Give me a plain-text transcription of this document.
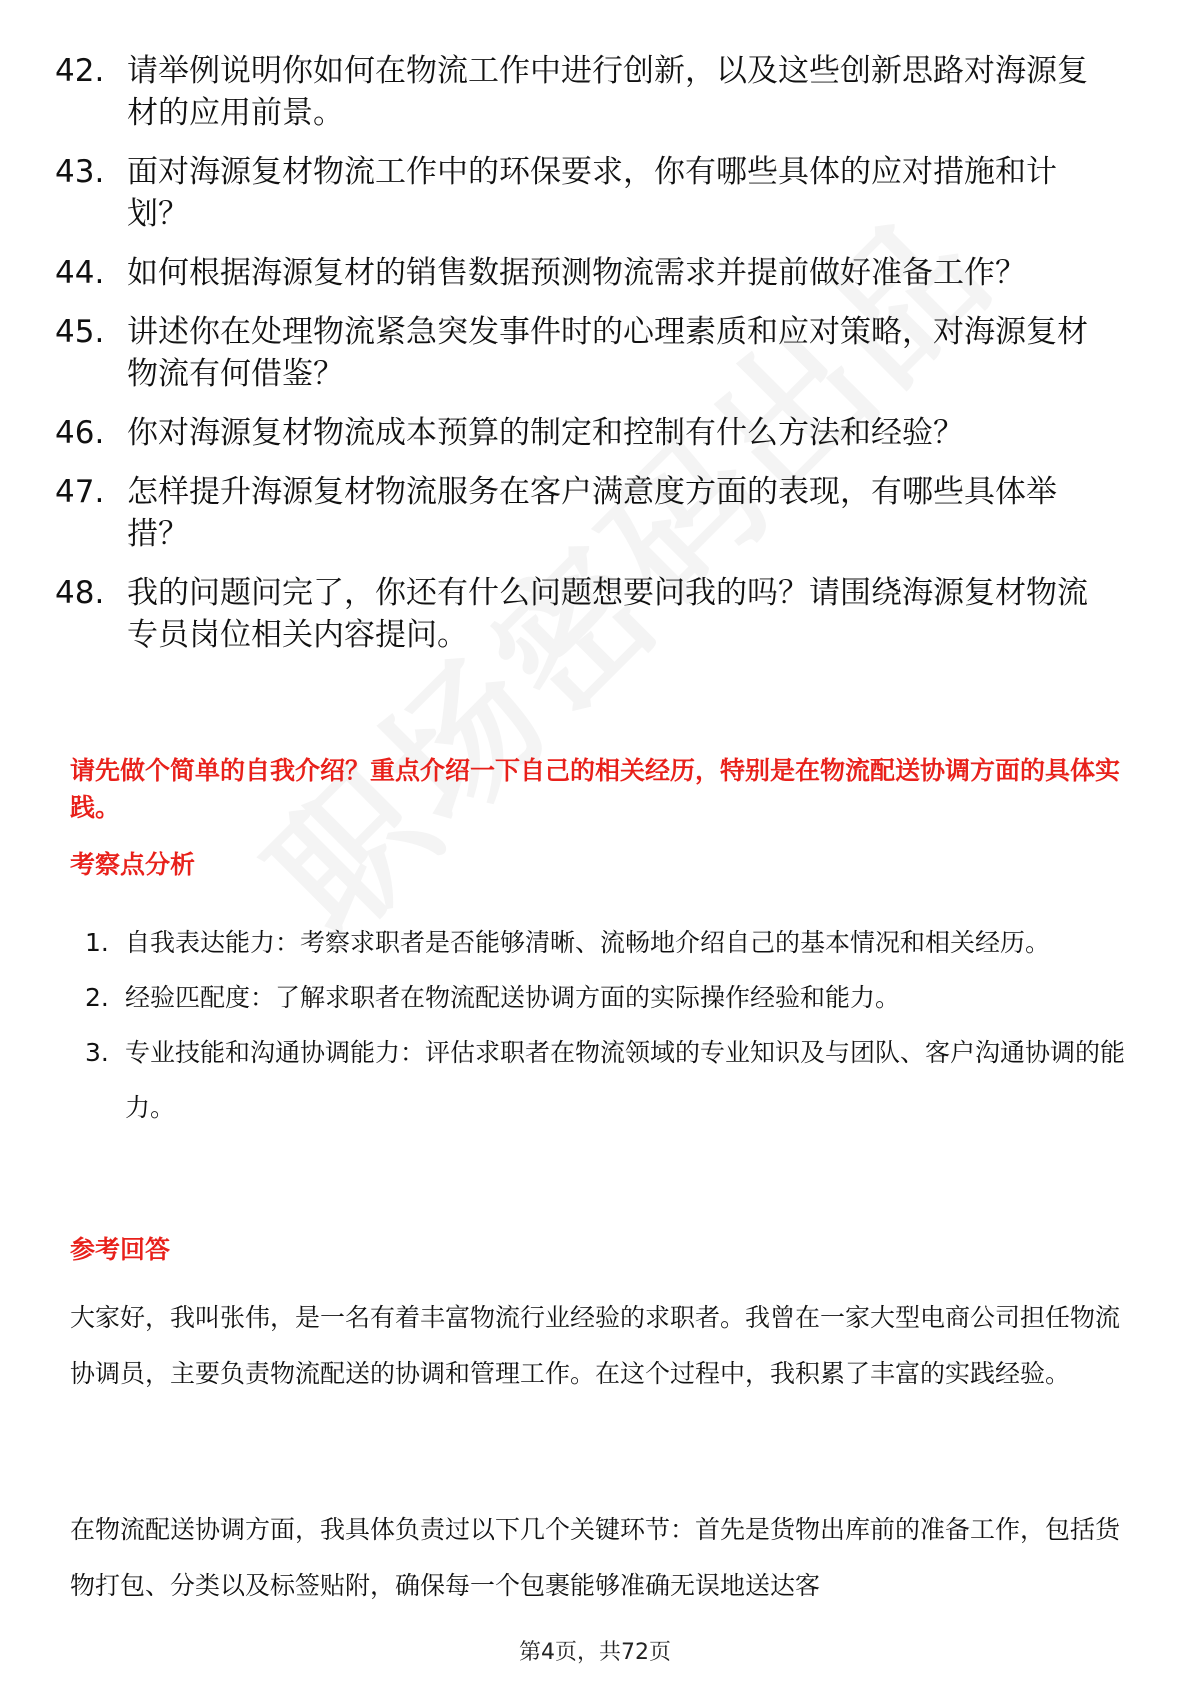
42. 请举例说明你如何在物流工作中进行创新，以及这些创新思路对海源复材的应用前景。
43. 面对海源复材物流工作中的环保要求，你有哪些具体的应对措施和计划？
44. 如何根据海源复材的销售数据预测物流需求并提前做好准备工作？
45. 讲述你在处理物流紧急突发事件时的心理素质和应对策略，对海源复材物流有何借鉴？
46. 你对海源复材物流成本预算的制定和控制有什么方法和经验？
47. 怎样提升海源复材物流服务在客户满意度方面的表现，有哪些具体举措？
48. 我的问题问完了，你还有什么问题想要问我的吗？请围绕海源复材物流专员岗位相关内容提问。
请先做个简单的自我介绍？重点介绍一下自己的相关经历，特别是在物流配送协调方面的具体实践。
考察点分析
1. 自我表达能力：考察求职者是否能够清晰、流畅地介绍自己的基本情况和相关经历。
2. 经验匹配度：了解求职者在物流配送协调方面的实际操作经验和能力。
3. 专业技能和沟通协调能力：评估求职者在物流领域的专业知识及与团队、客户沟通协调的能力。
参考回答
大家好，我叫张伟，是一名有着丰富物流行业经验的求职者。我曾在一家大型电商公司担任物流协调员，主要负责物流配送的协调和管理工作。在这个过程中，我积累了丰富的实践经验。
在物流配送协调方面，我具体负责过以下几个关键环节：首先是货物出库前的准备工作，包括货物打包、分类以及标签贴附，确保每一个包裹能够准确无误地送达客
第4页，共72页
